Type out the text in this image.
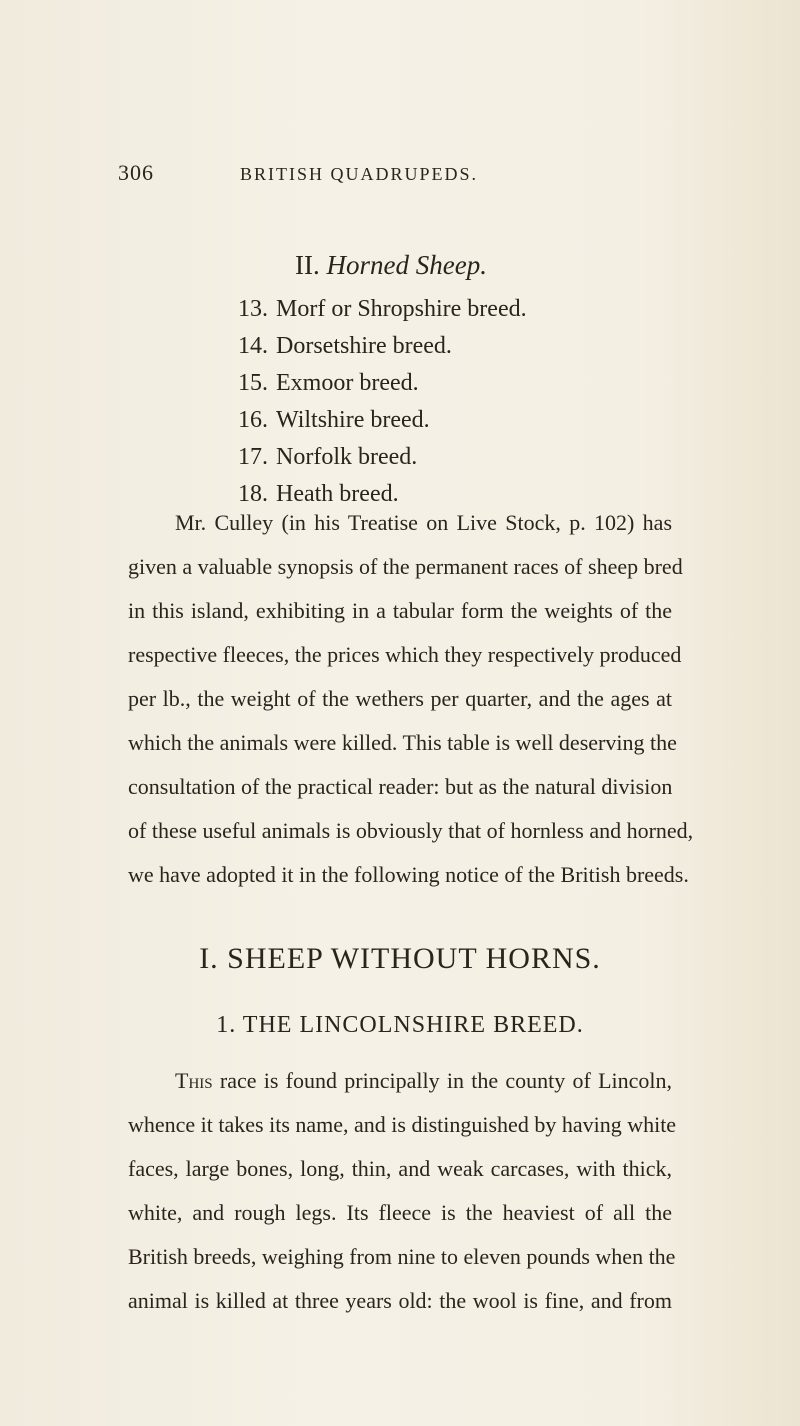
306	BRITISH QUADRUPEDS.
II. Horned Sheep.
13. Morf or Shropshire breed.
14. Dorsetshire breed.
15. Exmoor breed.
16. Wiltshire breed.
17. Norfolk breed.
18. Heath breed.
Mr. Culley (in his Treatise on Live Stock, p. 102) has
given a valuable synopsis of the permanent races of sheep bred
in this island, exhibiting in a tabular form the weights of the
respective fleeces, the prices which they respectively produced
per lb., the weight of the wethers per quarter, and the ages at
which the animals were killed. This table is well deserving the
consultation of the practical reader: but as the natural division
of these useful animals is obviously that of hornless and horned,
we have adopted it in the following notice of the British breeds.
I. SHEEP WITHOUT HORNS.
1. THE LINCOLNSHIRE BREED.
This race is found principally in the county of Lincoln,
whence it takes its name, and is distinguished by having white
faces, large bones, long, thin, and weak carcases, with thick,
white, and rough legs. Its fleece is the heaviest of all the
British breeds, weighing from nine to eleven pounds when the
animal is killed at three years old: the wool is fine, and from
